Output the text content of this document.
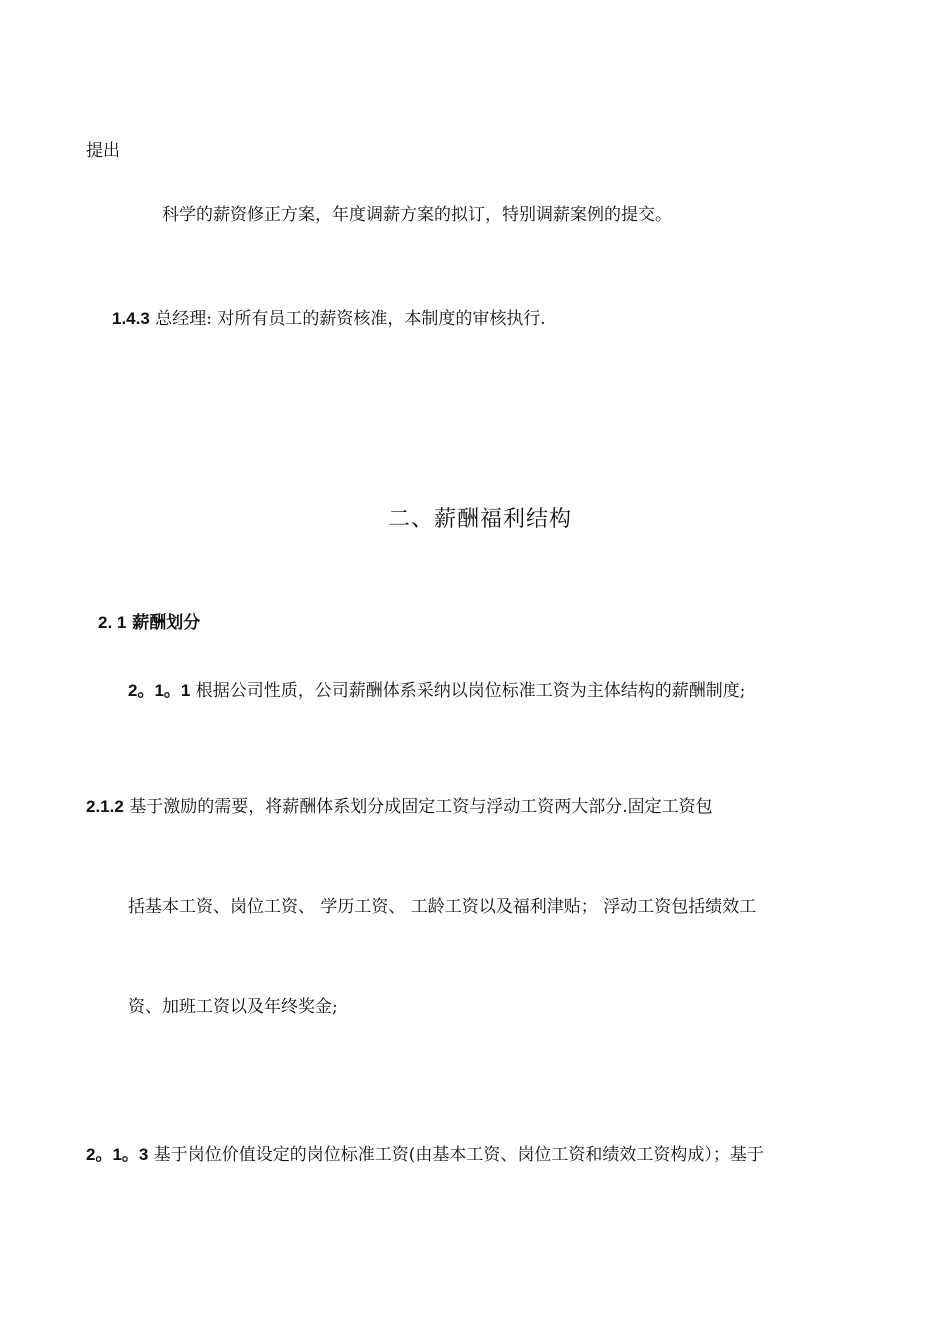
提出
科学的薪资修正方案，年度调薪方案的拟订，特别调薪案例的提交。
1.4.3 总经理: 对所有员工的薪资核准，本制度的审核执行.
二、薪酬福利结构
2. 1 薪酬划分
2。1。1 根据公司性质，公司薪酬体系采纳以岗位标准工资为主体结构的薪酬制度;
2.1.2 基于激励的需要，将薪酬体系划分成固定工资与浮动工资两大部分.固定工资包
括基本工资、岗位工资、 学历工资、 工龄工资以及福利津贴； 浮动工资包括绩效工
资、加班工资以及年终奖金;
2。1。3 基于岗位价值设定的岗位标准工资(由基本工资、岗位工资和绩效工资构成）；基于
